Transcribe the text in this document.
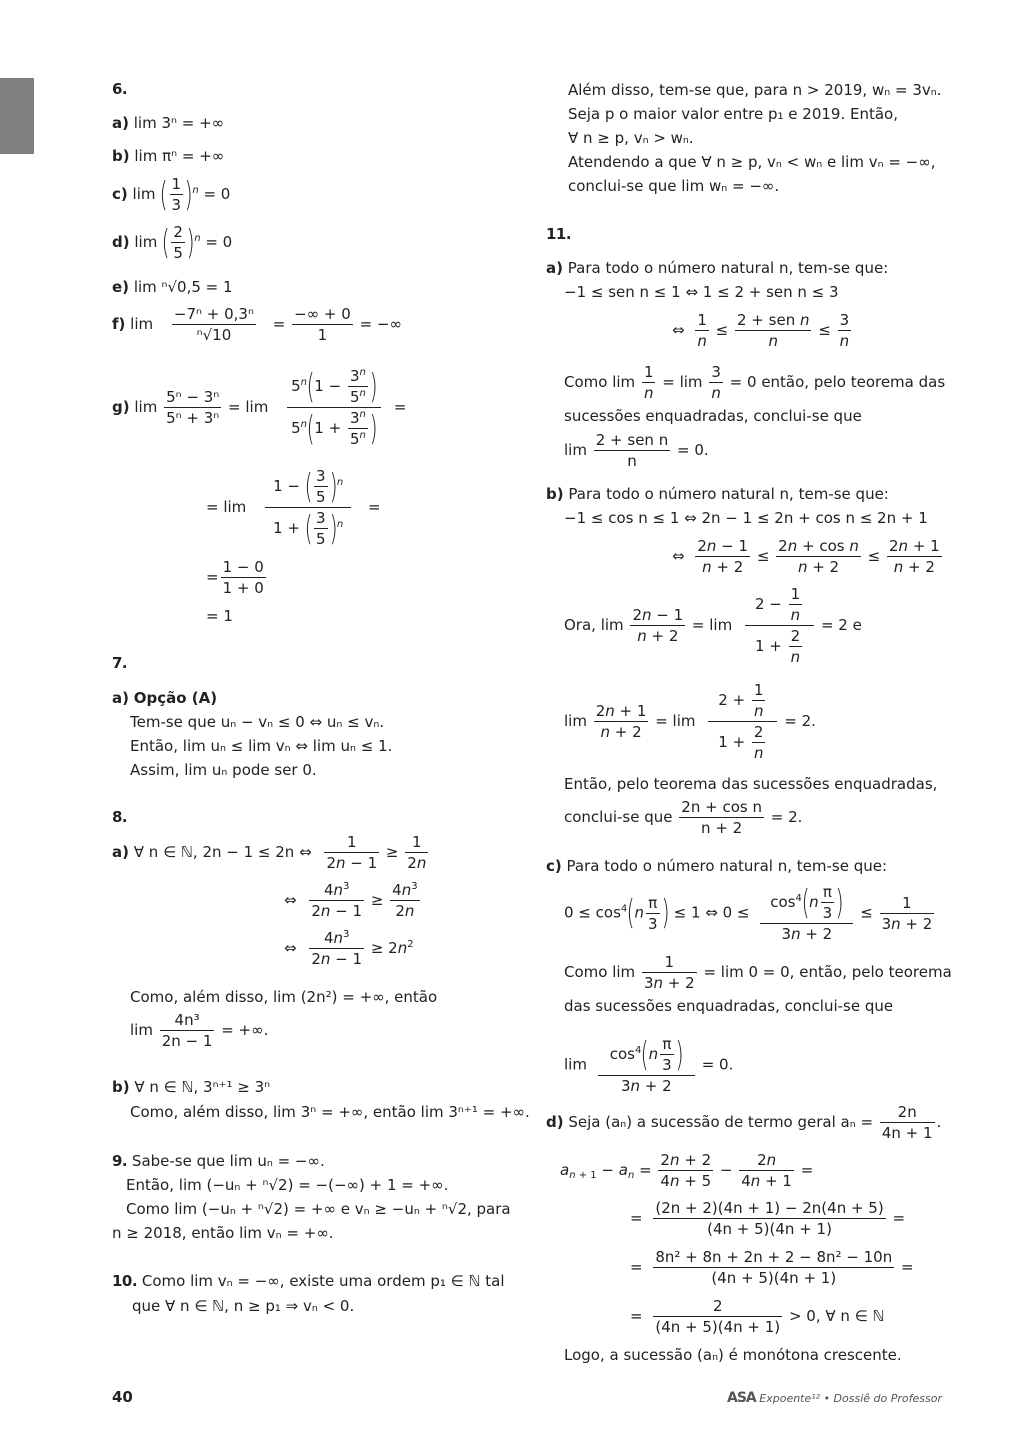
6.
a) lim 3ⁿ = +∞
b) lim πⁿ = +∞
c) lim ( $\frac{1}{3} )^n = 0$
d) lim ( $\frac{2}{5} )^n = 0$
e) lim ⁿ√0,5 = 1
f) $\lim \frac{\text{−7ⁿ + 0,3ⁿ}}{\text{ⁿ√10}} = \frac{-\infty + 0}{1}$ = −∞
g) $\lim \frac{\text{5ⁿ − 3ⁿ}}{\text{5ⁿ + 3ⁿ}} = \lim \frac{5^n(1 - \frac{3^n}{5^n} )}{5^n(1 + \frac{3^n}{5^n} )}$ =
= $\lim \frac{1 - ( \frac{3}{5} )^n}{1 + ( \frac{3}{5} )^n}$ =
= $\frac{1 - 0}{1 + 0}$
= 1
7.
a) Opção (A)
Tem-se que uₙ − vₙ ≤ 0 ⇔ uₙ ≤ vₙ.
Então, lim uₙ ≤ lim vₙ ⇔ lim uₙ ≤ 1.
Assim, lim uₙ pode ser 0.
8.
a) ∀ n ∈ ℕ, 2n − 1 ≤ 2n ⇔ $\frac{1}{2n - 1} \ge \frac{1}{2n}$
⇔ $\frac{4n^3}{2n - 1} \ge \frac{4n^3}{2n}$
⇔ $\frac{4n^3}{2n - 1} \ge 2n^2$
Como, além disso, lim (2n²) = +∞, então
$\lim \frac{\text{4n³}}{2n - 1}$ = +∞.
b) ∀ n ∈ ℕ, 3ⁿ⁺¹ ≥ 3ⁿ
Como, além disso, lim 3ⁿ = +∞, então lim 3ⁿ⁺¹ = +∞.
9. Sabe-se que lim uₙ = −∞.
Então, lim (−uₙ + ⁿ√2) = −(−∞) + 1 = +∞.
Como lim (−uₙ + ⁿ√2) = +∞ e vₙ ≥ −uₙ + ⁿ√2, para
n ≥ 2018, então lim vₙ = +∞.
10. Como lim vₙ = −∞, existe uma ordem p₁ ∈ ℕ tal
que ∀ n ∈ ℕ, n ≥ p₁ ⇒ vₙ < 0.
Além disso, tem-se que, para n > 2019, wₙ = 3vₙ.
Seja p o maior valor entre p₁ e 2019. Então,
∀ n ≥ p, vₙ > wₙ.
Atendendo a que ∀ n ≥ p, vₙ < wₙ e lim vₙ = −∞,
conclui-se que lim wₙ = −∞.
11.
a) Para todo o número natural n, tem-se que:
−1 ≤ sen n ≤ 1 ⇔ 1 ≤ 2 + sen n ≤ 3
⇔ $\frac{1}{n} \le \frac{\text{2 + sen n}}{n} \le \frac{3}{n}$
Como $\lim \frac{1}{n} = \lim \frac{3}{n} = 0$ então, pelo teorema das
sucessões enquadradas, conclui-se que
$\lim \frac{\text{2 + sen n}}{n} = 0$.
b) Para todo o número natural n, tem-se que:
−1 ≤ cos n ≤ 1 ⇔ 2n − 1 ≤ 2n + cos n ≤ 2n + 1
⇔ $\frac{2n - 1}{n + 2} \le \frac{\text{2n + cos n}}{n + 2} \le \frac{2n + 1}{n + 2}$
Ora, $\lim \frac{2n - 1}{n + 2} = \lim \frac{2 - \frac{1}{n}}{1 + \frac{2}{n}} = 2$ e
$\lim \frac{2n + 1}{n + 2} = \lim \frac{2 + \frac{1}{n}}{1 + \frac{2}{n}} = 2$.
Então, pelo teorema das sucessões enquadradas,
conclui-se que $\frac{\text{2n + cos n}}{n + 2} = 2$.
c) Para todo o número natural n, tem-se que:
$0 \le \cos^4(n \frac{\pi}{3}$ ) ≤ 1 ⇔ $0 \le \frac{\cos^4(n \frac{\pi}{3} )}{3n + 2} \le \frac{1}{3n + 2}$
Como $\lim \frac{1}{3n + 2} = \lim 0 = 0$, então, pelo teorema
das sucessões enquadradas, conclui-se que
$\lim \frac{\cos^4(n \frac{\pi}{3} )}{3n + 2} = 0$.
d) Seja (aₙ) a sucessão de termo geral $a_n = \frac{2n}{4n + 1}$ .
$a_{n + 1} - a_n = \frac{2n + 2}{4n + 5} - \frac{2n}{4n + 1}$ =
= $\frac{(2n + 2)(4n + 1) - 2n(4n + 5)}{(4n + 5)(4n + 1)}$ =
= $\frac{\text{8n² + 8n + 2n + 2 − 8n² − 10n}}{(4n + 5)(4n + 1)}$ =
= $\frac{2}{(4n + 5)(4n + 1)} > 0$, ∀ n ∈ ℕ
Logo, a sucessão (aₙ) é monótona crescente.
40	ASA Expoente¹² • Dossiê do Professor
